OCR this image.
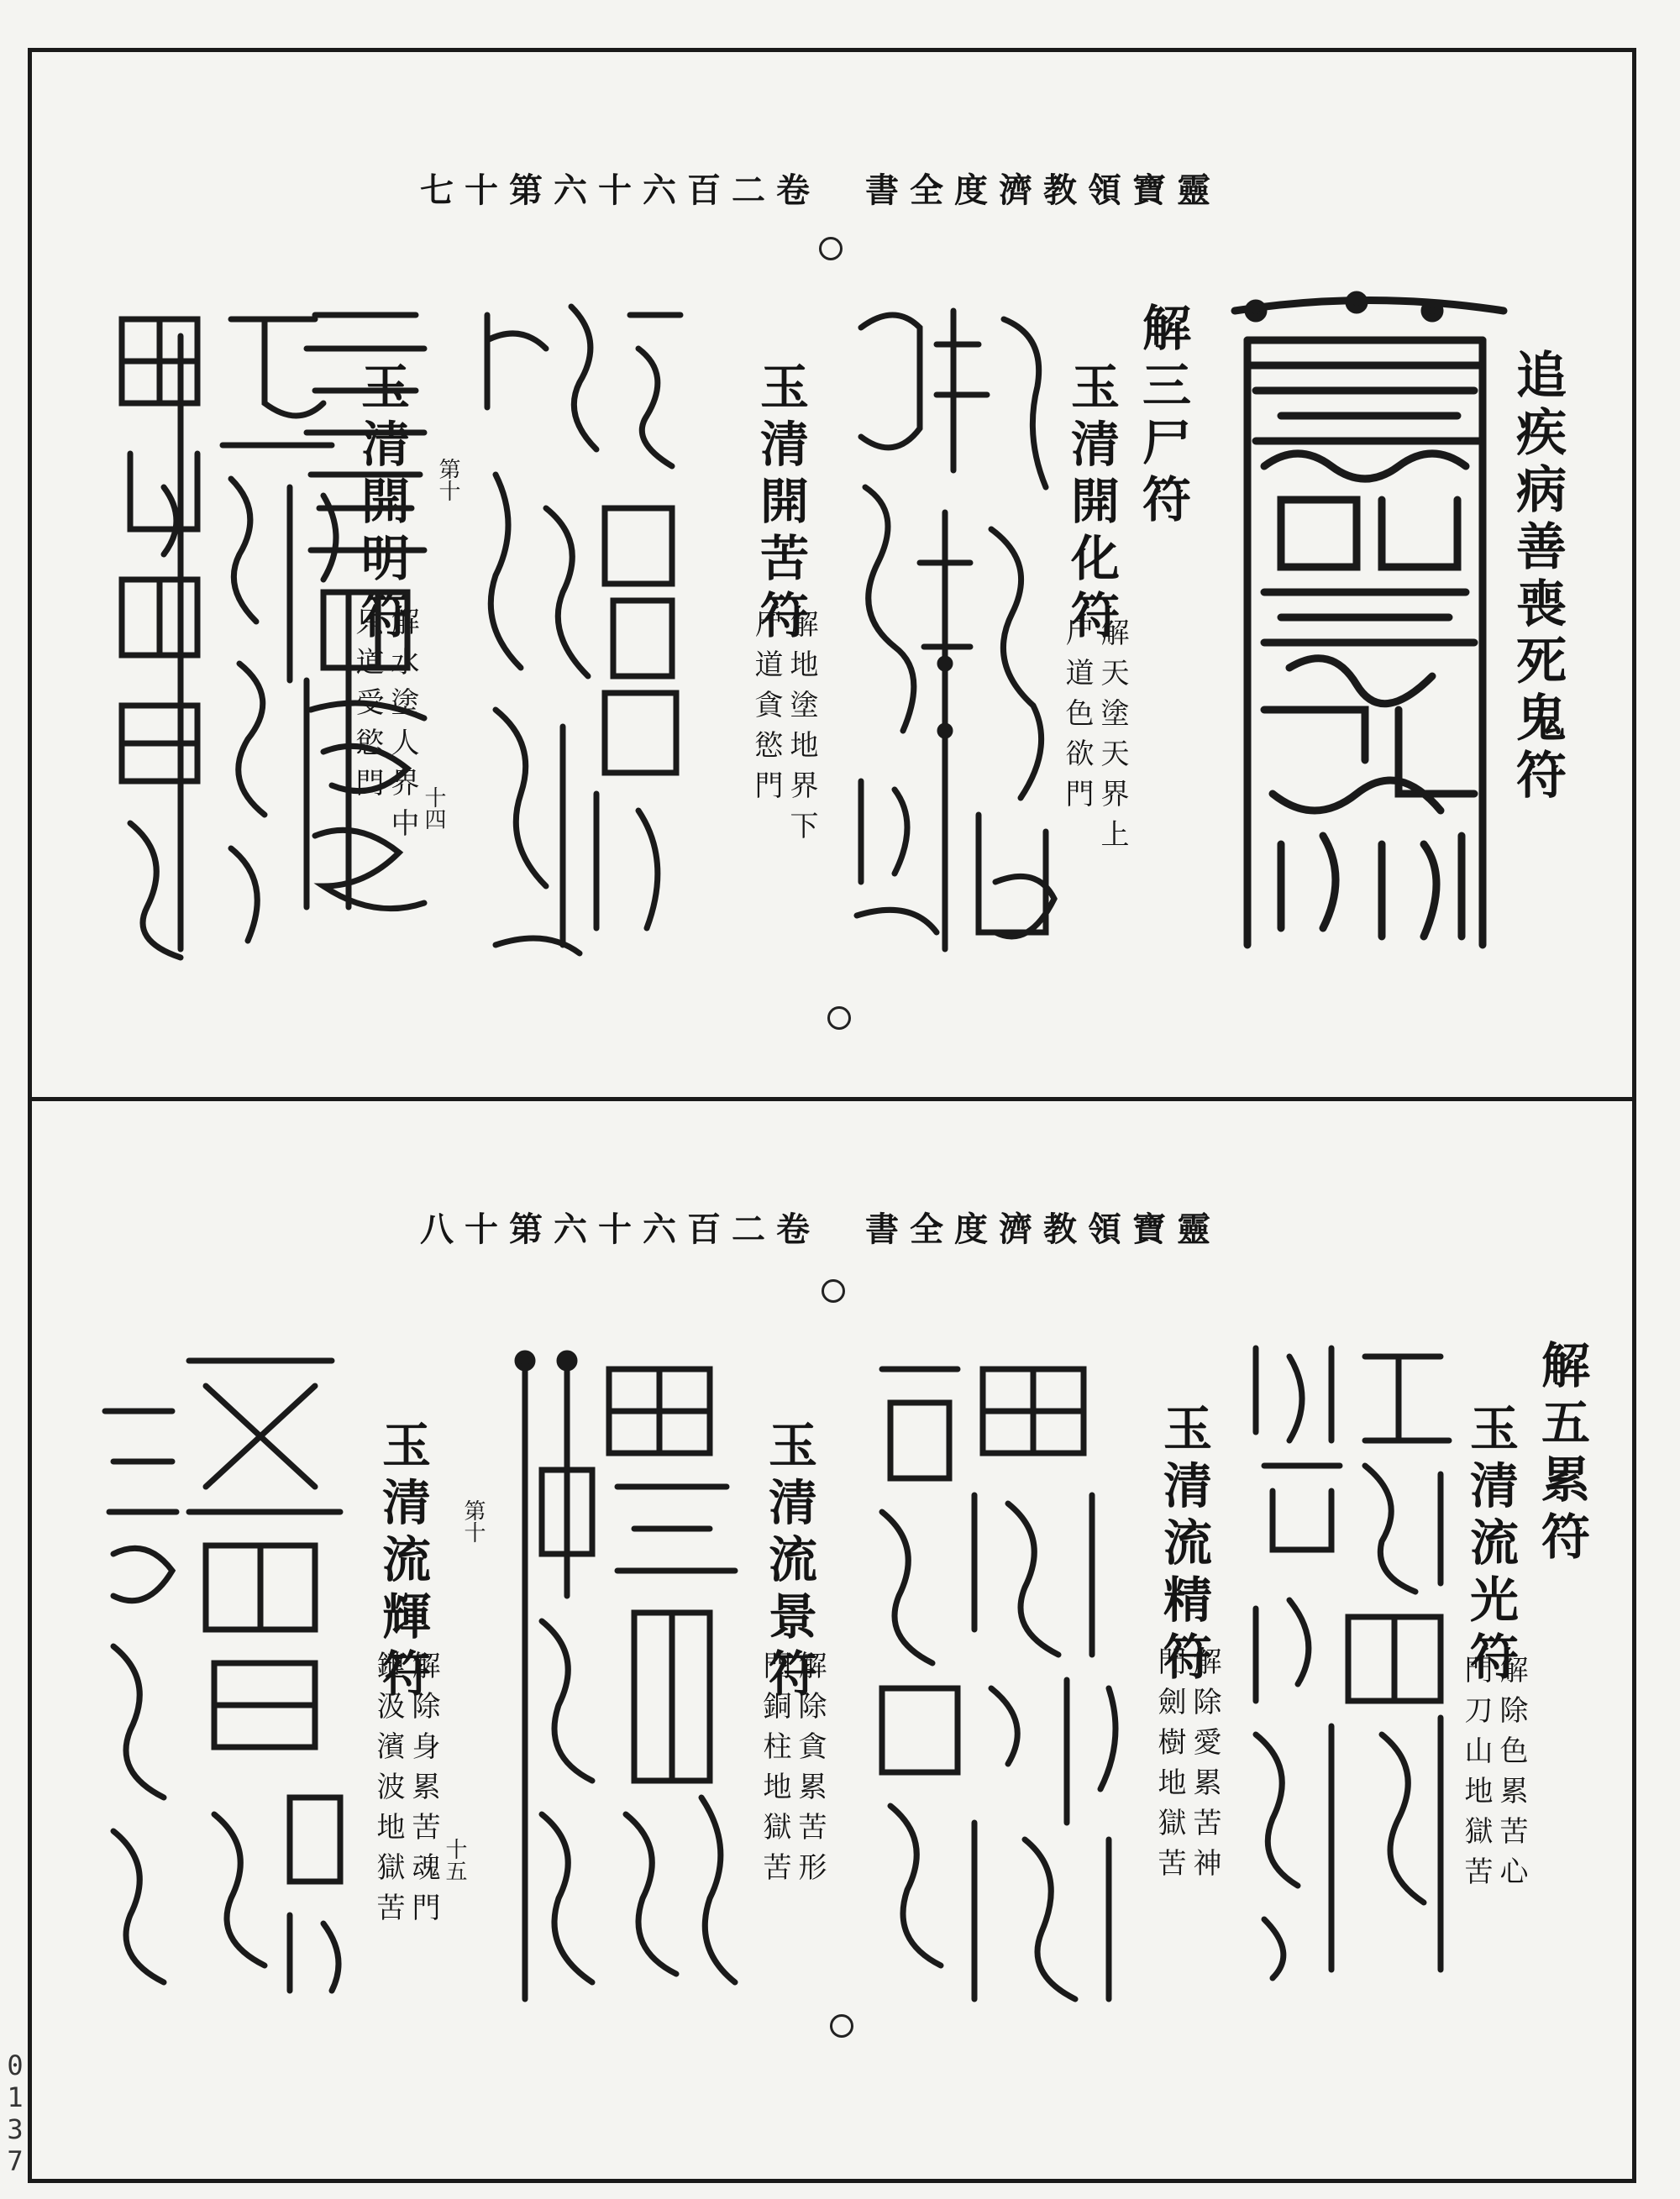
七十第六十六百二卷　書全度濟教領寶靈
追疾病善喪死鬼符
解三尸符
玉清開化符
解天塗天界上
尸道色欲門
玉清開苦符
解地塗地界下
尸道貪慾門
玉清開明符 第十
解水塗人界中 十四
只道受慾門
八十第六十六百二卷　書全度濟教領寶靈
解五累符
玉清流光符
解除色累苦心
門刀山地獄苦
玉清流精符
解除愛累苦神
門劍樹地獄苦
玉清流景符
解除貪累苦形
門銅柱地獄苦
玉清流輝符 第十
解除身累苦魂門 十五
鏈汲濱波地獄苦
0
1
3
7
